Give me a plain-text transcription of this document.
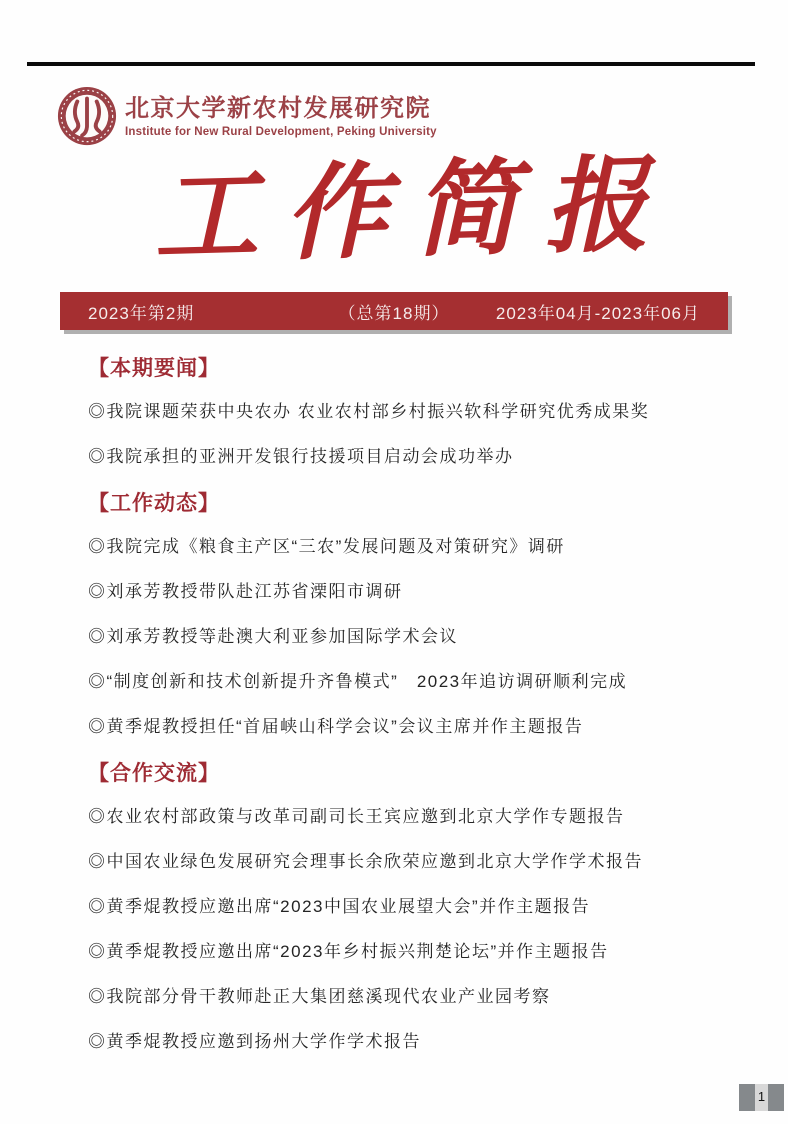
北京大学新农村发展研究院
Institute for New Rural Development, Peking University
工作简报
2023年第2期	（总第18期）	2023年04月-2023年06月
【本期要闻】
◎我院课题荣获中央农办 农业农村部乡村振兴软科学研究优秀成果奖
◎我院承担的亚洲开发银行技援项目启动会成功举办
【工作动态】
◎我院完成《粮食主产区“三农”发展问题及对策研究》调研
◎刘承芳教授带队赴江苏省溧阳市调研
◎刘承芳教授等赴澳大利亚参加国际学术会议
◎“制度创新和技术创新提升齐鲁模式”　2023年追访调研顺利完成
◎黄季焜教授担任“首届峡山科学会议”会议主席并作主题报告
【合作交流】
◎农业农村部政策与改革司副司长王宾应邀到北京大学作专题报告
◎中国农业绿色发展研究会理事长余欣荣应邀到北京大学作学术报告
◎黄季焜教授应邀出席“2023中国农业展望大会”并作主题报告
◎黄季焜教授应邀出席“2023年乡村振兴荆楚论坛”并作主题报告
◎我院部分骨干教师赴正大集团慈溪现代农业产业园考察
◎黄季焜教授应邀到扬州大学作学术报告
1
